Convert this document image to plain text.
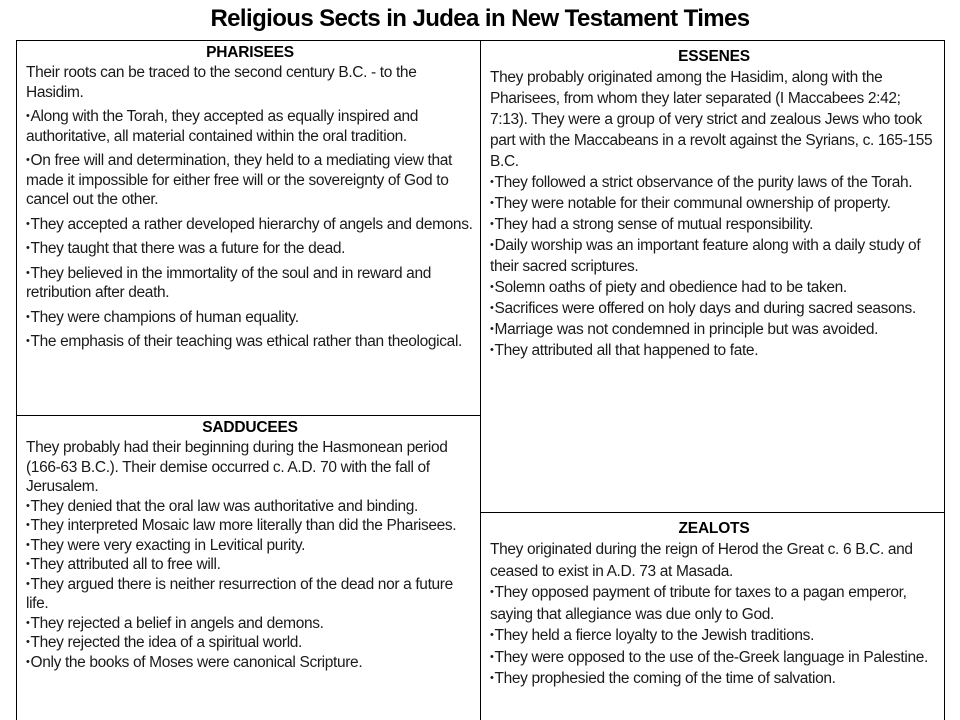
Religious Sects in Judea in New Testament Times
PHARISEES
Their roots can be traced to the second century B.C. - to the Hasidim.
• Along with the Torah, they accepted as equally inspired and authoritative, all material contained within the oral tradition.
• On free will and determination, they held to a mediating view that made it impossible for either free will or the sovereignty of God to cancel out the other.
• They accepted a rather developed hierarchy of angels and demons.
• They taught that there was a future for the dead.
• They believed in the immortality of the soul and in reward and retribution after death.
• They were champions of human equality.
• The emphasis of their teaching was ethical rather than theological.
SADDUCEES
They probably had their beginning during the Hasmonean period (166-63 B.C.). Their demise occurred c. A.D. 70 with the fall of Jerusalem.
• They denied that the oral law was authoritative and binding.
• They interpreted Mosaic law more literally than did the Pharisees.
• They were very exacting in Levitical purity.
• They attributed all to free will.
• They argued there is neither resurrection of the dead nor a future life.
• They rejected a belief in angels and demons.
• They rejected the idea of a spiritual world.
• Only the books of Moses were canonical Scripture.
ESSENES
They probably originated among the Hasidim, along with the Pharisees, from whom they later separated (I Maccabees 2:42; 7:13). They were a group of very strict and zealous Jews who took part with the Maccabeans in a revolt against the Syrians, c. 165-155 B.C.
• They followed a strict observance of the purity laws of the Torah.
• They were notable for their communal ownership of property.
• They had a strong sense of mutual responsibility.
• Daily worship was an important feature along with a daily study of their sacred scriptures.
• Solemn oaths of piety and obedience had to be taken.
• Sacrifices were offered on holy days and during sacred seasons.
• Marriage was not condemned in principle but was avoided.
• They attributed all that happened to fate.
ZEALOTS
They originated during the reign of Herod the Great c. 6 B.C. and ceased to exist in A.D. 73 at Masada.
• They opposed payment of tribute for taxes to a pagan emperor, saying that allegiance was due only to God.
• They held a fierce loyalty to the Jewish traditions.
• They were opposed to the use of the-Greek language in Palestine.
• They prophesied the coming of the time of salvation.
